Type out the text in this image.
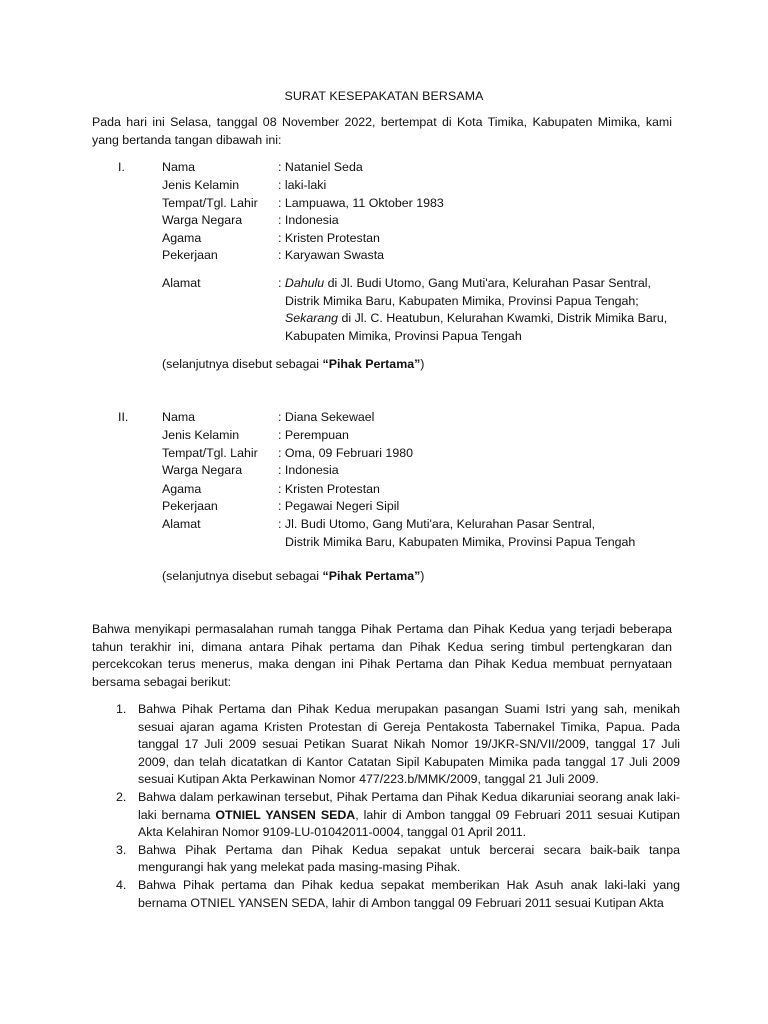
SURAT KESEPAKATAN BERSAMA

Pada hari ini Selasa, tanggal 08 November 2022, bertempat di Kota Timika, Kabupaten Mimika, kami yang bertanda tangan dibawah ini:

I.	Nama	: Nataniel Seda
Jenis Kelamin	: laki-laki
Tempat/Tgl. Lahir : Lampuawa, 11 Oktober 1983
Warga Negara	: Indonesia
Agama	: Kristen Protestan
Pekerjaan	: Karyawan Swasta
Alamat	: Dahulu di Jl. Budi Utomo, Gang Muti'ara, Kelurahan Pasar Sentral,

Distrik Mimika Baru, Kabupaten Mimika, Provinsi Papua Tengah;

Sekarang di Jl. C. Heatubun, Kelurahan Kwamki, Distrik Mimika Baru,

Kabupaten Mimika, Provinsi Papua Tengah

(selanjutnya disebut sebagai “Pihak Pertama”)

II.	Nama	: Diana Sekewael
Jenis Kelamin	: Perempuan
Tempat/Tgl. Lahir : Oma, 09 Februari 1980
Warga Negara	: Indonesia
Agama	: Kristen Protestan
Pekerjaan	: Pegawai Negeri Sipil
Alamat	: Jl. Budi Utomo, Gang Muti'ara, Kelurahan Pasar Sentral,

Distrik Mimika Baru, Kabupaten Mimika, Provinsi Papua Tengah

(selanjutnya disebut sebagai “Pihak Pertama”)

Bahwa menyikapi permasalahan rumah tangga Pihak Pertama dan Pihak Kedua yang terjadi beberapa tahun terakhir ini, dimana antara Pihak pertama dan Pihak Kedua sering timbul pertengkaran dan percekcokan terus menerus, maka dengan ini Pihak Pertama dan Pihak Kedua membuat pernyataan bersama sebagai berikut:

1. Bahwa Pihak Pertama dan Pihak Kedua merupakan pasangan Suami Istri yang sah, menikah sesuai ajaran agama Kristen Protestan di Gereja Pentakosta Tabernakel Timika, Papua. Pada tanggal 17 Juli 2009 sesuai Petikan Suarat Nikah Nomor 19/JKR-SN/VII/2009, tanggal 17 Juli 2009, dan telah dicatatkan di Kantor Catatan Sipil Kabupaten Mimika pada tanggal 17 Juli 2009 sesuai Kutipan Akta Perkawinan Nomor 477/223.b/MMK/2009, tanggal 21 Juli 2009.
2. Bahwa dalam perkawinan tersebut, Pihak Pertama dan Pihak Kedua dikaruniai seorang anak laki-laki bernama OTNIEL YANSEN SEDA, lahir di Ambon tanggal 09 Februari 2011 sesuai Kutipan Akta Kelahiran Nomor 9109-LU-01042011-0004, tanggal 01 April 2011.
3. Bahwa Pihak Pertama dan Pihak Kedua sepakat untuk bercerai secara baik-baik tanpa mengurangi hak yang melekat pada masing-masing Pihak.
4. Bahwa Pihak pertama dan Pihak kedua sepakat memberikan Hak Asuh anak laki-laki yang bernama OTNIEL YANSEN SEDA, lahir di Ambon tanggal 09 Februari 2011 sesuai Kutipan Akta
